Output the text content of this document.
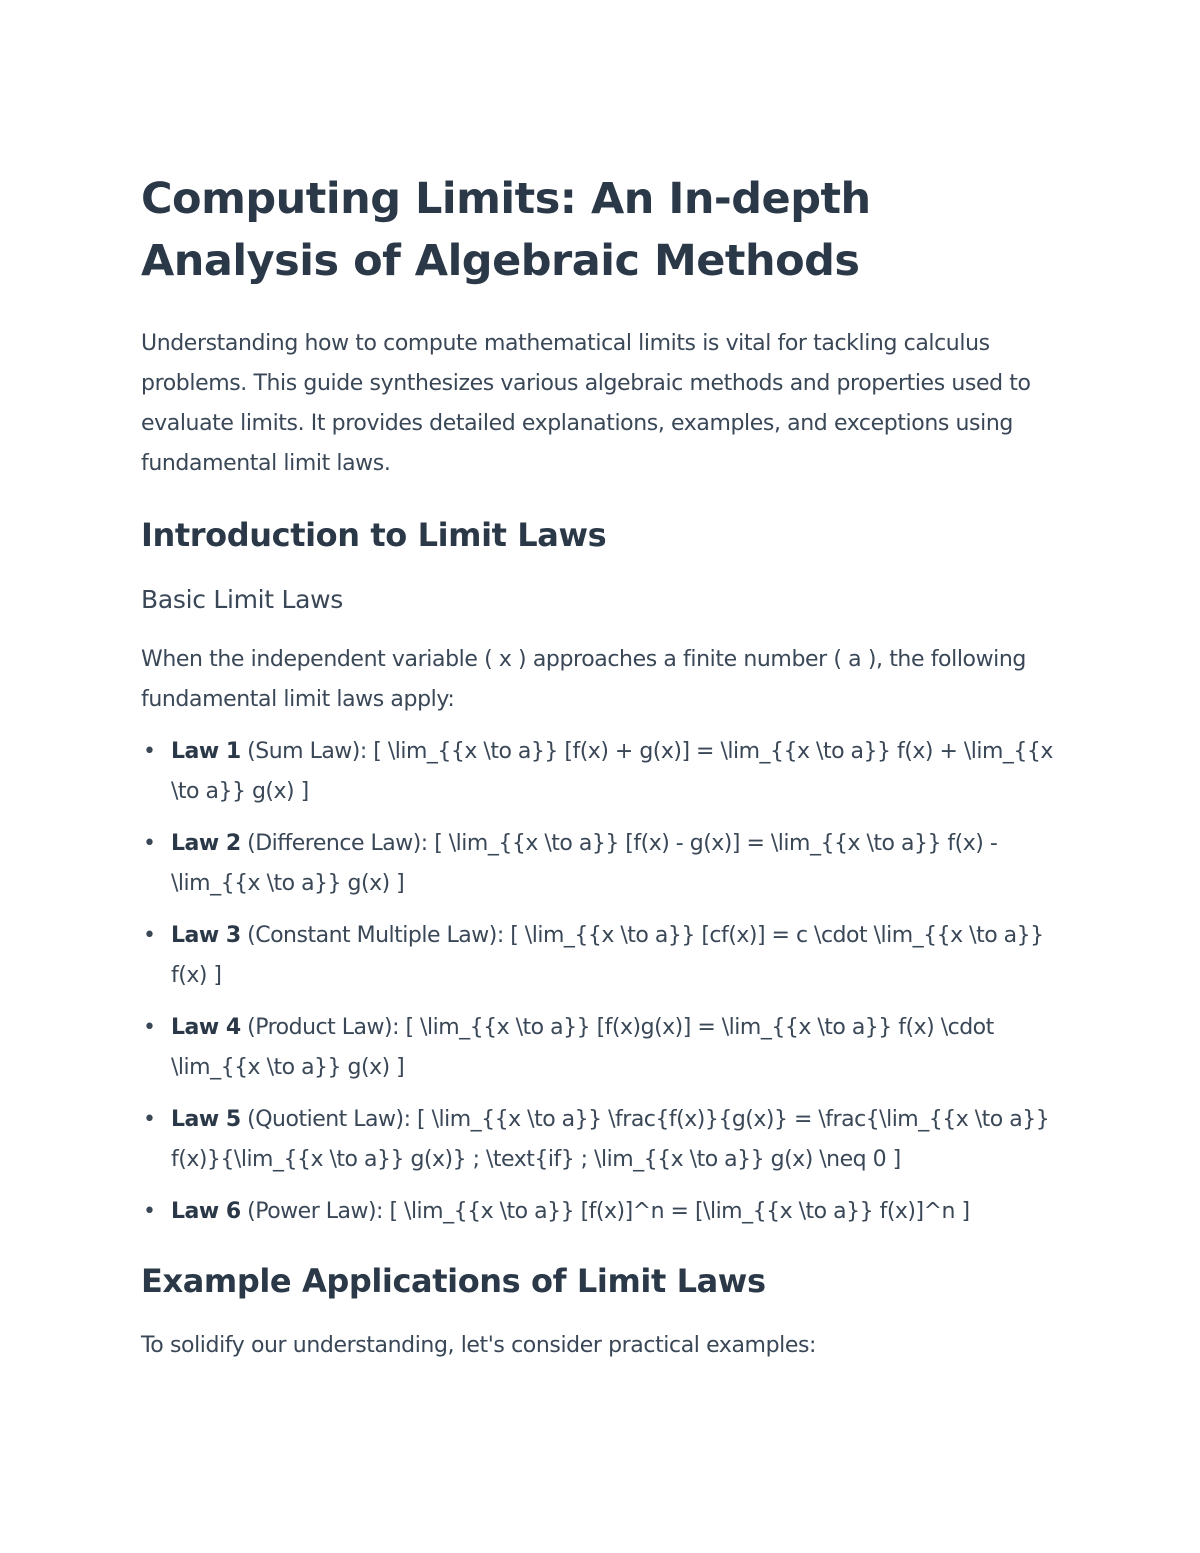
Computing Limits: An In-depth Analysis of Algebraic Methods

Understanding how to compute mathematical limits is vital for tackling calculus problems. This guide synthesizes various algebraic methods and properties used to evaluate limits. It provides detailed explanations, examples, and exceptions using fundamental limit laws.

Introduction to Limit Laws
Basic Limit Laws

When the independent variable ( x ) approaches a finite number ( a ), the following fundamental limit laws apply:

• Law 1 (Sum Law): [ \lim_{{x \to a}} [f(x) + g(x)] = \lim_{{x \to a}} f(x) + \lim_{{x \to a}} g(x) ]
• Law 2 (Difference Law): [ \lim_{{x \to a}} [f(x) - g(x)] = \lim_{{x \to a}} f(x) - \lim_{{x \to a}} g(x) ]
• Law 3 (Constant Multiple Law): [ \lim_{{x \to a}} [cf(x)] = c \cdot \lim_{{x \to a}} f(x) ]
• Law 4 (Product Law): [ \lim_{{x \to a}} [f(x)g(x)] = \lim_{{x \to a}} f(x) \cdot \lim_{{x \to a}} g(x) ]
• Law 5 (Quotient Law): [ \lim_{{x \to a}} \frac{f(x)}{g(x)} = \frac{\lim_{{x \to a}} f(x)}{\lim_{{x \to a}} g(x)} ; \text{if} ; \lim_{{x \to a}} g(x) \neq 0 ]
• Law 6 (Power Law): [ \lim_{{x \to a}} [f(x)]^n = [\lim_{{x \to a}} f(x)]^n ]
Example Applications of Limit Laws

To solidify our understanding, let's consider practical examples:
